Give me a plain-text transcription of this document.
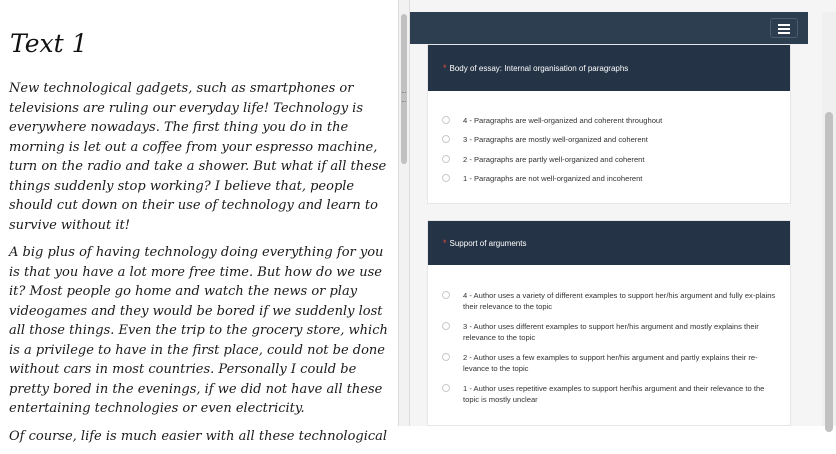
Text 1

New technological gadgets, such as smartphones or televisions are ruling our everyday life! Technology is everywhere nowadays. The first thing you do in the morning is let out a coffee from your espresso machine, turn on the radio and take a shower. But what if all these things suddenly stop working? I believe that, people should cut down on their use of technology and learn to survive without it!

A big plus of having technology doing everything for you is that you have a lot more free time. But how do we use it? Most people go home and watch the news or play videogames and they would be bored if we suddenly lost all those things. Even the trip to the grocery store, which is a privilege to have in the first place, could not be done without cars in most countries. Personally I could be pretty bored in the evenings, if we did not have all these entertaining technologies or even electricity.

Of course, life is much easier with all these technological

* Body of essay: Internal organisation of paragraphs
4 - Paragraphs are well-organized and coherent throughout
3 - Paragraphs are mostly well-organized and coherent
2 - Paragraphs are partly well-organized and coherent
1 - Paragraphs are not well-organized and incoherent
* Support of arguments
4 - Author uses a variety of different examples to support her/his argument and fully ex-plains their relevance to the topic
3 - Author uses different examples to support her/his argument and mostly explains their relevance to the topic
2 - Author uses a few examples to support her/his argument and partly explains their re-levance to the topic
1 - Author uses repetitive examples to support her/his argument and their relevance to the topic is mostly unclear
